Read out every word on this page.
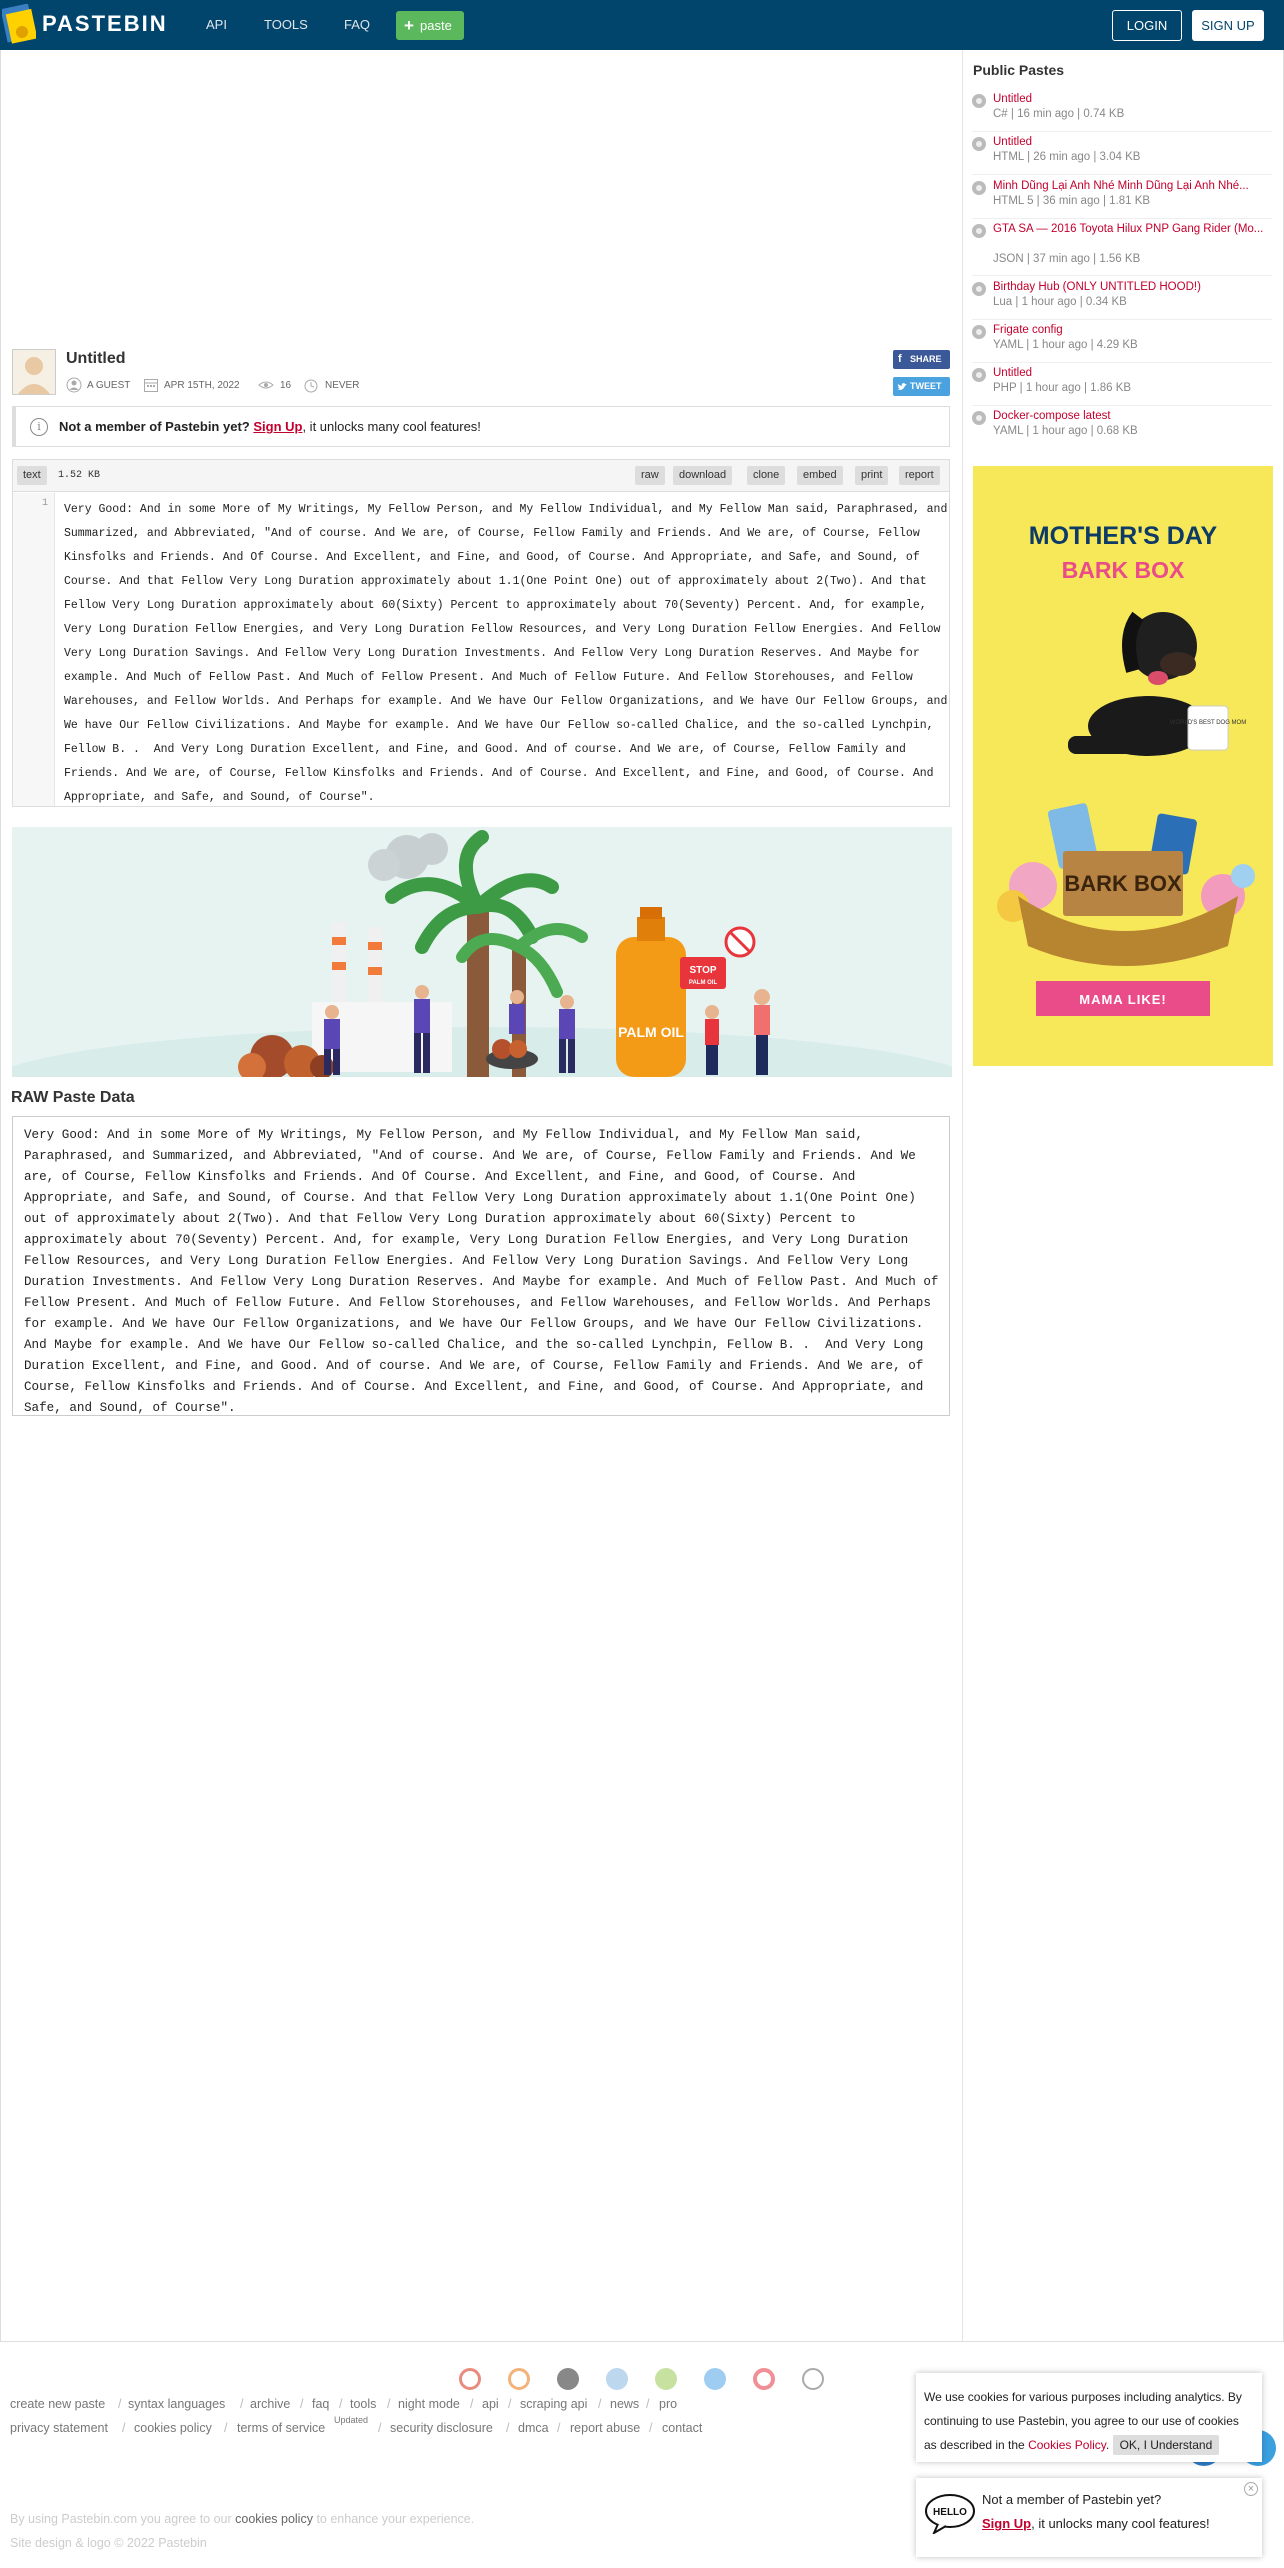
PASTEBIN	API	TOOLS	FAQ + paste	LOGIN	SIGN UP
Untitled
A GUEST	APR 15TH, 2022	16	NEVER
f SHARE
TWEET
i	Not a member of Pastebin yet? Sign Up, it unlocks many cool features!
text	1.52 KB	raw	download	clone	embed	print	report
1 Very Good: And in some More of My Writings, My Fellow Person, and My Fellow Individual, and My Fellow Man said, Paraphrased, and Summarized, and Abbreviated, "And of course. And We are, of Course, Fellow Family and Friends. And We are, of Course, Fellow Kinsfolks and Friends. And Of Course. And Excellent, and Fine, and Good, of Course. And Appropriate, and Safe, and Sound, of Course. And that Fellow Very Long Duration approximately about 1.1(One Point One) out of approximately about 2(Two). And that Fellow Very Long Duration approximately about 60(Sixty) Percent to approximately about 70(Seventy) Percent. And, for example, Very Long Duration Fellow Energies, and Very Long Duration Fellow Resources, and Very Long Duration Fellow Energies. And Fellow Very Long Duration Savings. And Fellow Very Long Duration Investments. And Fellow Very Long Duration Reserves. And Maybe for example. And Much of Fellow Past. And Much of Fellow Present. And Much of Fellow Future. And Fellow Storehouses, and Fellow Warehouses, and Fellow Worlds. And Perhaps for example. And We have Our Fellow Organizations, and We have Our Fellow Groups, and We have Our Fellow Civilizations. And Maybe for example. And We have Our Fellow so-called Chalice, and the so-called Lynchpin, Fellow B. .  And Very Long Duration Excellent, and Fine, and Good. And of course. And We are, of Course, Fellow Family and Friends. And We are, of Course, Fellow Kinsfolks and Friends. And of Course. And Excellent, and Fine, and Good, of Course. And Appropriate, and Safe, and Sound, of Course".
PALM OIL
STOP
PALM OIL
RAW Paste Data
Very Good: And in some More of My Writings, My Fellow Person, and My Fellow Individual, and My Fellow Man said, Paraphrased, and Summarized, and Abbreviated, "And of course. And We are, of Course, Fellow Family and Friends. And We are, of Course, Fellow Kinsfolks and Friends. And Of Course. And Excellent, and Fine, and Good, of Course. And Appropriate, and Safe, and Sound, of Course. And that Fellow Very Long Duration approximately about 1.1(One Point One) out of approximately about 2(Two). And that Fellow Very Long Duration approximately about 60(Sixty) Percent to approximately about 70(Seventy) Percent. And, for example, Very Long Duration Fellow Energies, and Very Long Duration Fellow Resources, and Very Long Duration Fellow Energies. And Fellow Very Long Duration Savings. And Fellow Very Long Duration Investments. And Fellow Very Long Duration Reserves. And Maybe for example. And Much of Fellow Past. And Much of Fellow Present. And Much of Fellow Future. And Fellow Storehouses, and Fellow Warehouses, and Fellow Worlds. And Perhaps for example. And We have Our Fellow Organizations, and We have Our Fellow Groups, and We have Our Fellow Civilizations. And Maybe for example. And We have Our Fellow so-called Chalice, and the so-called Lynchpin, Fellow B. .  And Very Long Duration Excellent, and Fine, and Good. And of course. And We are, of Course, Fellow Family and Friends. And We are, of Course, Fellow Kinsfolks and Friends. And of Course. And Excellent, and Fine, and Good, of Course. And Appropriate, and Safe, and Sound, of Course".
Public Pastes
Untitled
C# | 16 min ago | 0.74 KB
Untitled
HTML | 26 min ago | 3.04 KB
Minh Dũng Lại Anh Nhé Minh Dũng Lại Anh Nhé...
HTML 5 | 36 min ago | 1.81 KB
GTA SA — 2016 Toyota Hilux PNP Gang Rider (Mo...
JSON | 37 min ago | 1.56 KB
Birthday Hub (ONLY UNTITLED HOOD!)
Lua | 1 hour ago | 0.34 KB
Frigate config
YAML | 1 hour ago | 4.29 KB
Untitled
PHP | 1 hour ago | 1.86 KB
Docker-compose latest
YAML | 1 hour ago | 0.68 KB
MOTHER'S DAY
BARK BOX
WORLD'S BEST DOG MOM
BARK BOX
MAMA LIKE!
create new paste / syntax languages / archive / faq / tools / night mode / api / scraping api / news / pro
privacy statement / cookies policy / terms of service
Updated
/ security disclosure / dmca / report abuse / contact
By using Pastebin.com you agree to our cookies policy to enhance your experience.
Site design & logo © 2022 Pastebin
We use cookies for various purposes including analytics. By continuing to use Pastebin, you agree to our use of cookies as described in the Cookies Policy. OK, I Understand
HELLO
Not a member of Pastebin yet?
Sign Up, it unlocks many cool features!
×
